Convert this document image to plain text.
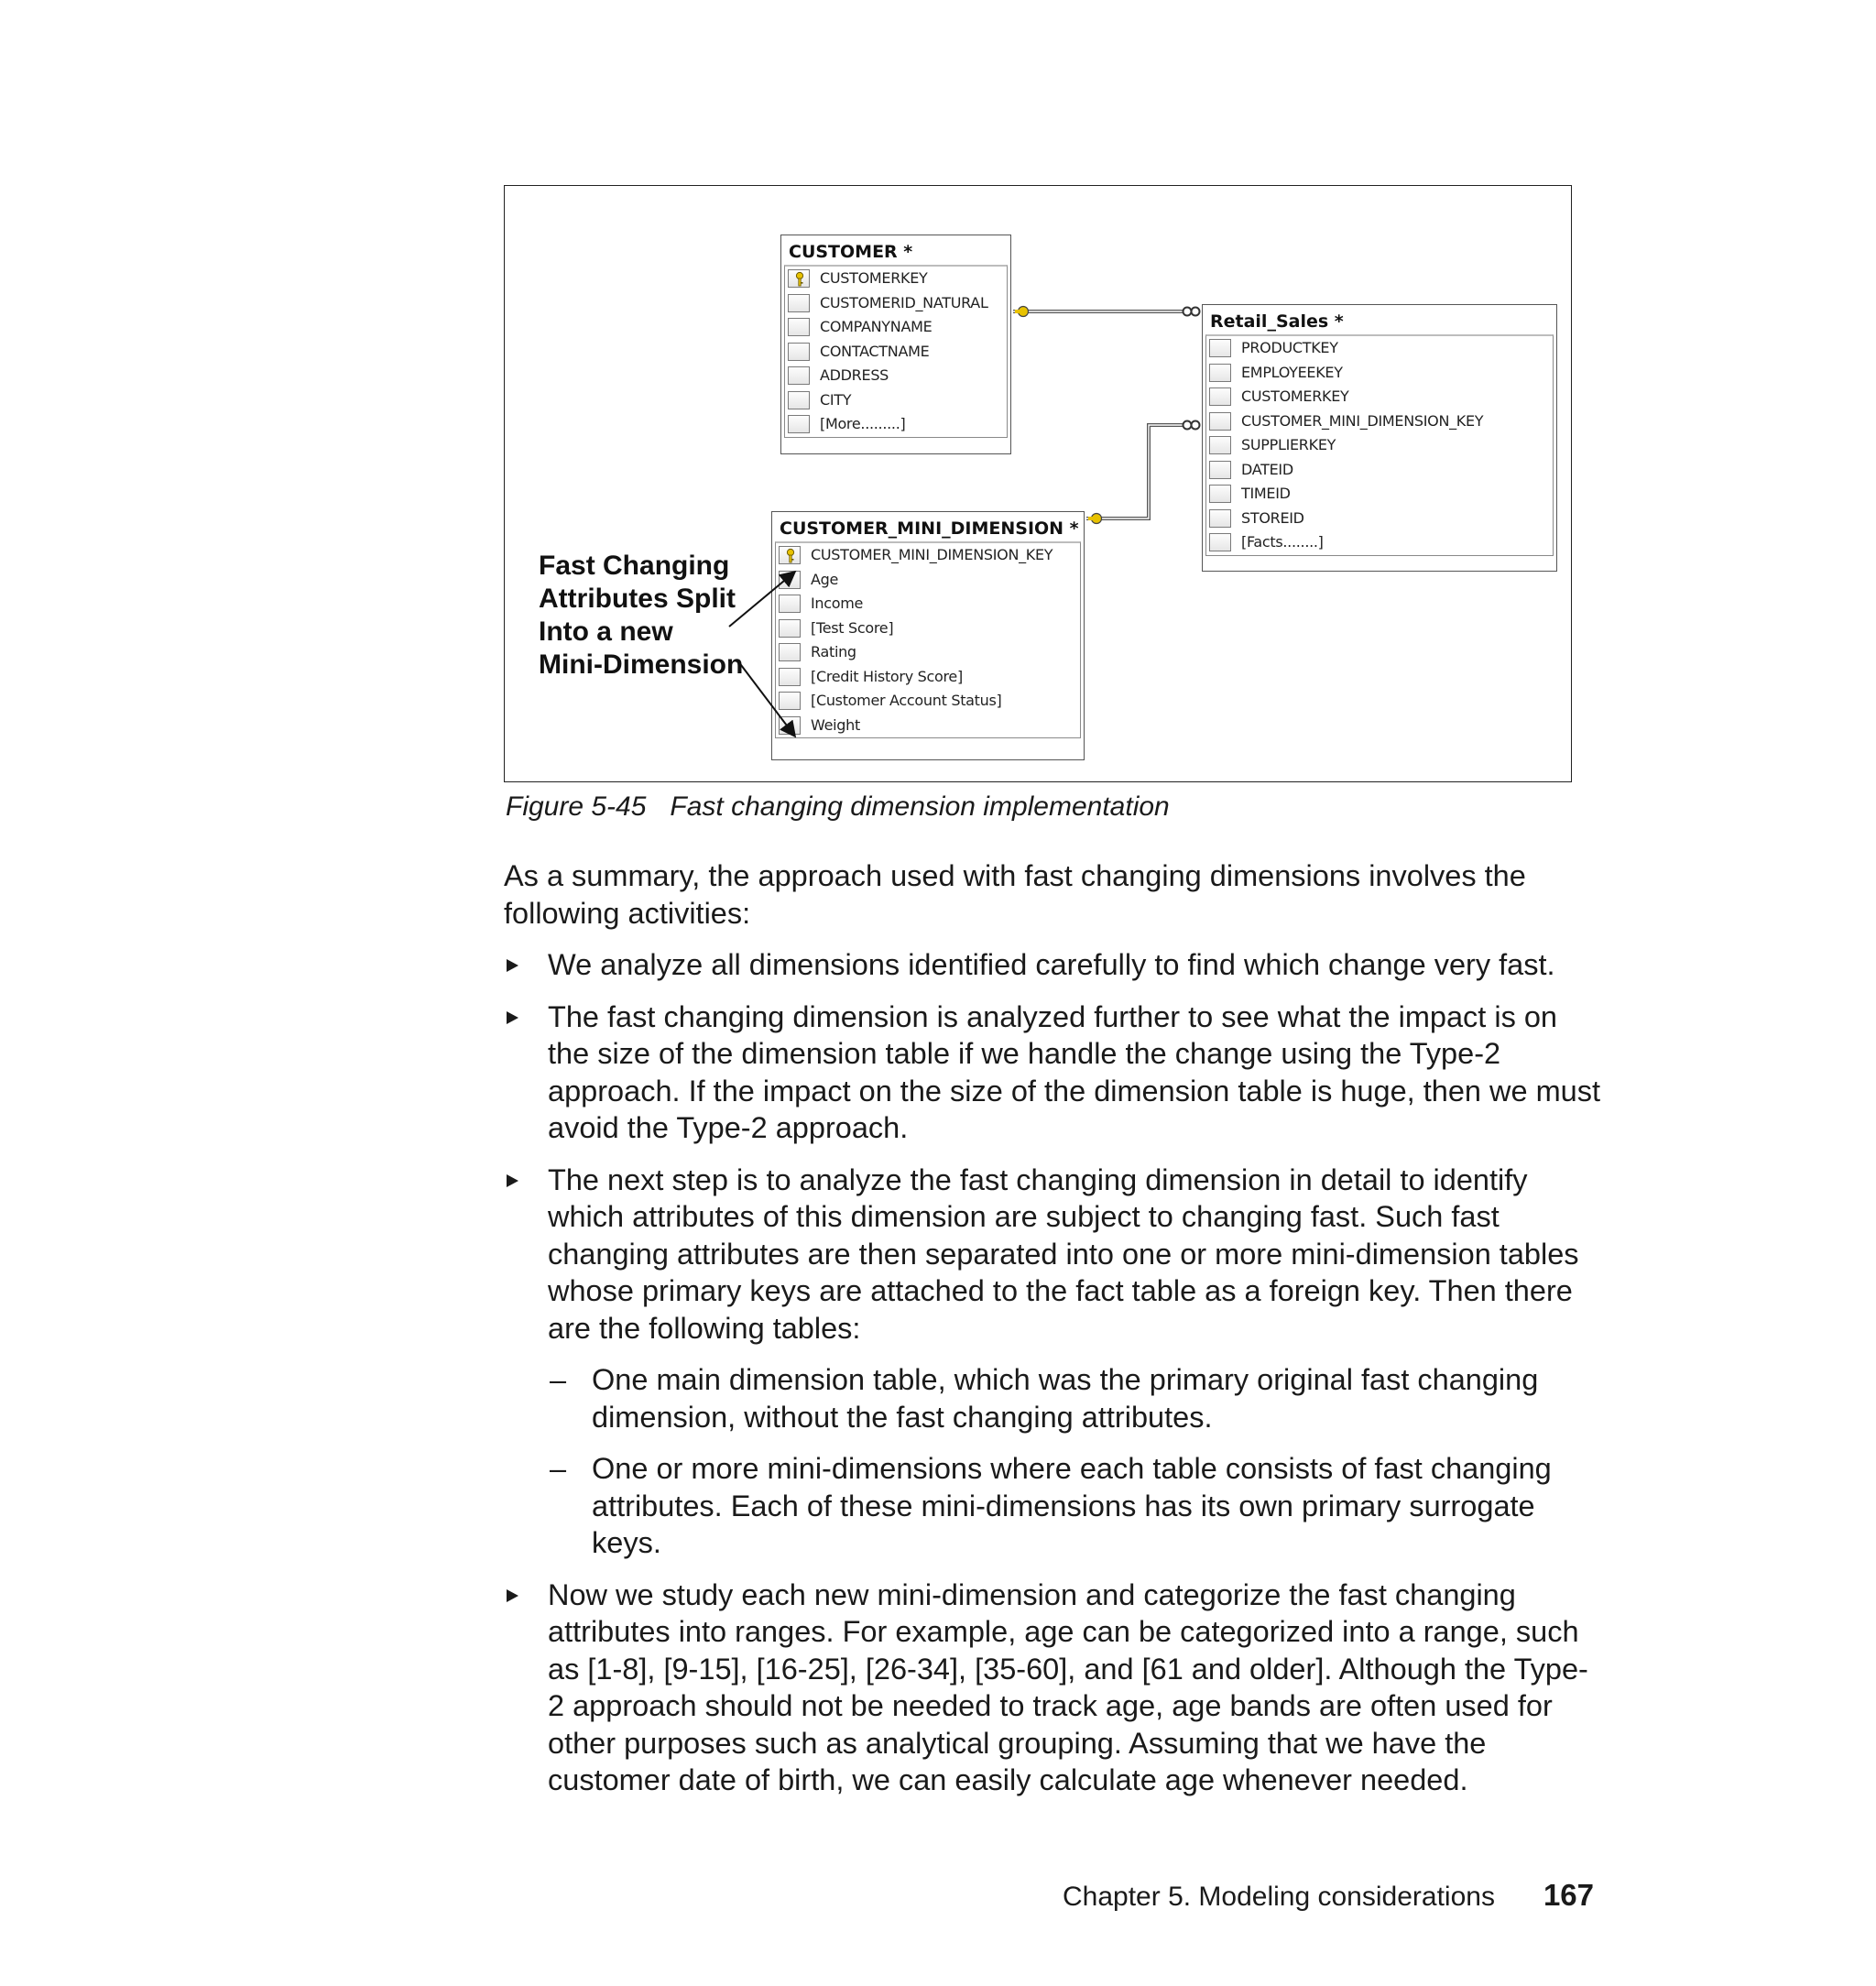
CUSTOMER *
CUSTOMERKEY
CUSTOMERID_NATURAL
COMPANYNAME
CONTACTNAME
ADDRESS
CITY
[More.........]
Retail_Sales *
PRODUCTKEY
EMPLOYEEKEY
CUSTOMERKEY
CUSTOMER_MINI_DIMENSION_KEY
SUPPLIERKEY
DATEID
TIMEID
STOREID
[Facts........]
CUSTOMER_MINI_DIMENSION *
CUSTOMER_MINI_DIMENSION_KEY
Age
Income
[Test Score]
Rating
[Credit History Score]
[Customer Account Status]
Weight
Fast Changing
Attributes Split
Into a new
Mini-Dimension
Figure 5-45 Fast changing dimension implementation

As a summary, the approach used with fast changing dimensions involves the following activities:

We analyze all dimensions identified carefully to find which change very fast.
The fast changing dimension is analyzed further to see what the impact is on the size of the dimension table if we handle the change using the Type-2 approach. If the impact on the size of the dimension table is huge, then we must avoid the Type-2 approach.
The next step is to analyze the fast changing dimension in detail to identify which attributes of this dimension are subject to changing fast. Such fast changing attributes are then separated into one or more mini-dimension tables whose primary keys are attached to the fact table as a foreign key. Then there are the following tables:
– One main dimension table, which was the primary original fast changing dimension, without the fast changing attributes.
– One or more mini-dimensions where each table consists of fast changing attributes. Each of these mini-dimensions has its own primary surrogate keys.
Now we study each new mini-dimension and categorize the fast changing attributes into ranges. For example, age can be categorized into a range, such as [1-8], [9-15], [16-25], [26-34], [35-60], and [61 and older]. Although the Type-2 approach should not be needed to track age, age bands are often used for other purposes such as analytical grouping. Assuming that we have the customer date of birth, we can easily calculate age whenever needed.
Chapter 5. Modeling considerations 167
